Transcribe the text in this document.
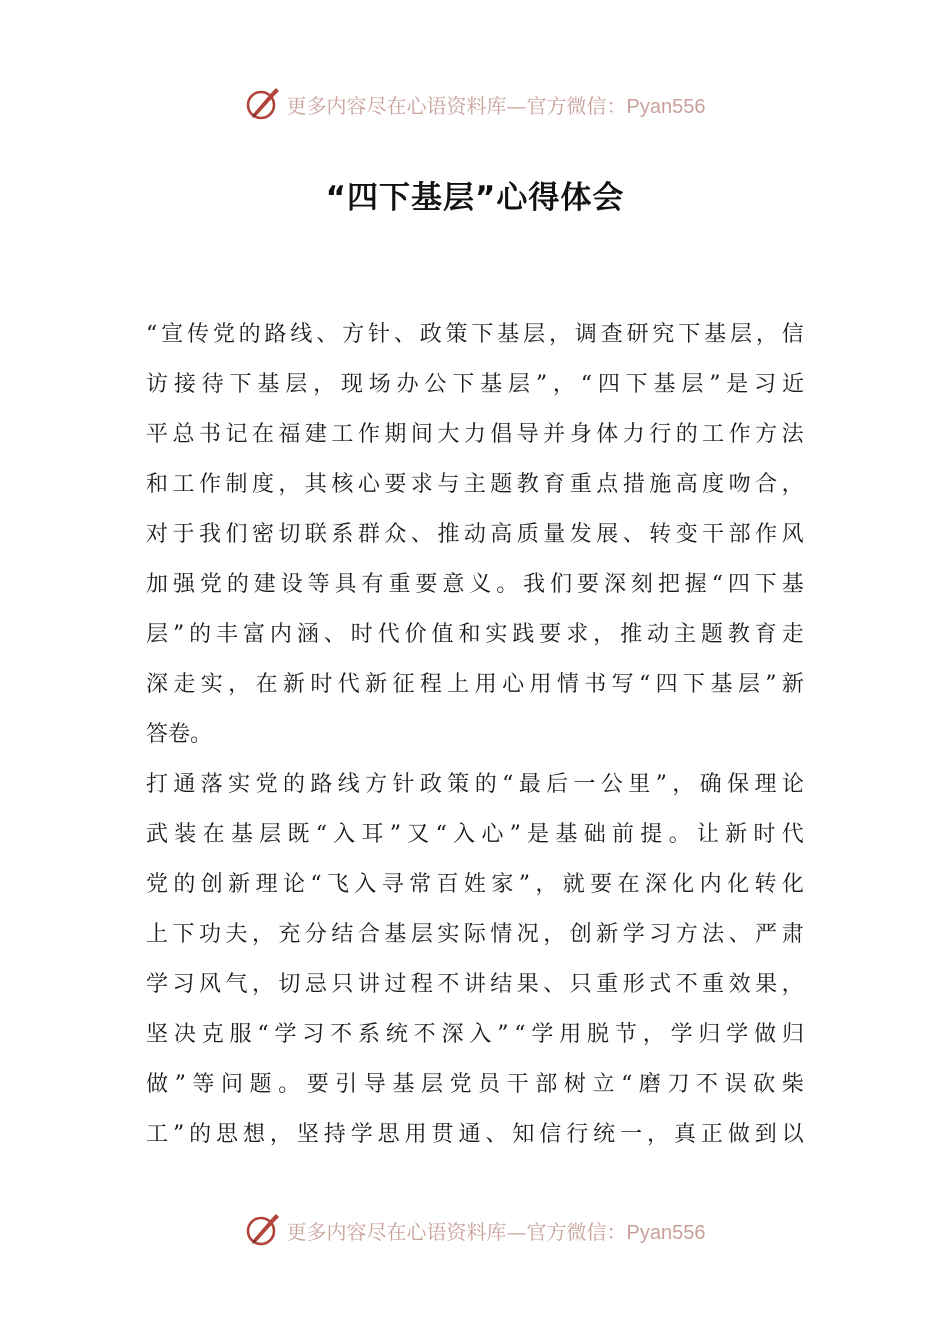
更多内容尽在心语资料库—官方微信：Pyan556
“四下基层”心得体会
“ 宣 传 党 的 路 线 、 方 针 、 政 策 下 基 层 ， 调 查 研 究 下 基 层 ， 信
访 接 待 下 基 层 ， 现 场 办 公 下 基 层 ” ， “ 四 下 基 层 ” 是 习 近
平 总 书 记 在 福 建 工 作 期 间 大 力 倡 导 并 身 体 力 行 的 工 作 方 法
和 工 作 制 度 ， 其 核 心 要 求 与 主 题 教 育 重 点 措 施 高 度 吻 合 ，
对 于 我 们 密 切 联 系 群 众 、 推 动 高 质 量 发 展 、 转 变 干 部 作 风
加 强 党 的 建 设 等 具 有 重 要 意 义 。 我 们 要 深 刻 把 握 “ 四 下 基
层 ” 的 丰 富 内 涵 、 时 代 价 值 和 实 践 要 求 ， 推 动 主 题 教 育 走
深 走 实 ， 在 新 时 代 新 征 程 上 用 心 用 情 书 写 “ 四 下 基 层 ” 新
答 卷 。
打 通 落 实 党 的 路 线 方 针 政 策 的 “ 最 后 一 公 里 ” ， 确 保 理 论
武 装 在 基 层 既 “ 入 耳 ” 又 “ 入 心 ” 是 基 础 前 提 。 让 新 时 代
党 的 创 新 理 论 “ 飞 入 寻 常 百 姓 家 ” ， 就 要 在 深 化 内 化 转 化
上 下 功 夫 ， 充 分 结 合 基 层 实 际 情 况 ， 创 新 学 习 方 法 、 严 肃
学 习 风 气 ， 切 忌 只 讲 过 程 不 讲 结 果 、 只 重 形 式 不 重 效 果 ，
坚 决 克 服 “ 学 习 不 系 统 不 深 入 ” “ 学 用 脱 节 ， 学 归 学 做 归
做 ” 等 问 题 。 要 引 导 基 层 党 员 干 部 树 立 “ 磨 刀 不 误 砍 柴
工 ” 的 思 想 ， 坚 持 学 思 用 贯 通 、 知 信 行 统 一 ， 真 正 做 到 以
更多内容尽在心语资料库—官方微信：Pyan556
